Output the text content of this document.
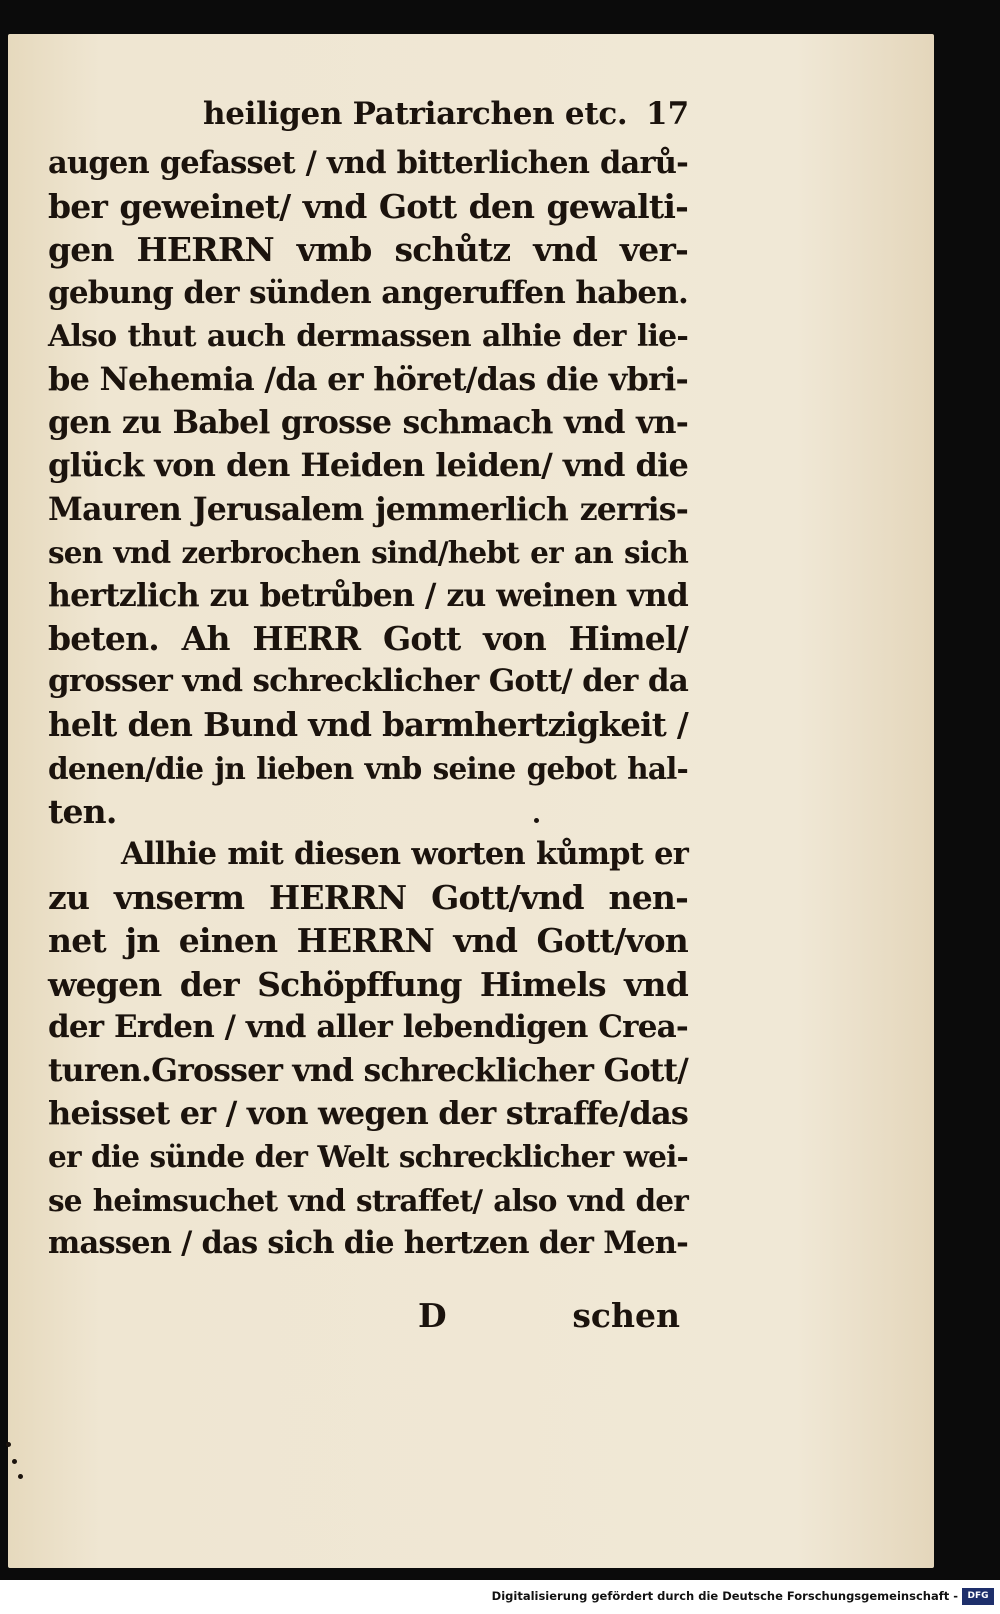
heiligen Patriarchen etc. 17
augen gefasset / vnd bitterlichen darů-
ber geweinet/ vnd Gott den gewalti-
gen HERRN vmb schůtz vnd ver-
gebung der sünden angeruffen haben.
Also thut auch dermassen alhie der lie-
be Nehemia /da er höret/das die vbri-
gen zu Babel grosse schmach vnd vn-
glück von den Heiden leiden/ vnd die
Mauren Jerusalem jemmerlich zerris-
sen vnd zerbrochen sind/hebt er an sich
hertzlich zu betrůben / zu weinen vnd
beten. Ah HERR Gott von Himel/
grosser vnd schrecklicher Gott/ der da
helt den Bund vnd barmhertzigkeit /
denen/die jn lieben vnb seine gebot hal-
ten.
Allhie mit diesen worten kůmpt er
zu vnserm HERRN Gott/vnd nen-
net jn einen HERRN vnd Gott/von
wegen der Schöpffung Himels vnd
der Erden / vnd aller lebendigen Crea-
turen.Grosser vnd schrecklicher Gott/
heisset er / von wegen der straffe/das
er die sünde der Welt schrecklicher wei-
se heimsuchet vnd straffet/ also vnd der
massen / das sich die hertzen der Men-
D	schen
Digitalisierung gefördert durch die Deutsche Forschungsgemeinschaft -	DFG
